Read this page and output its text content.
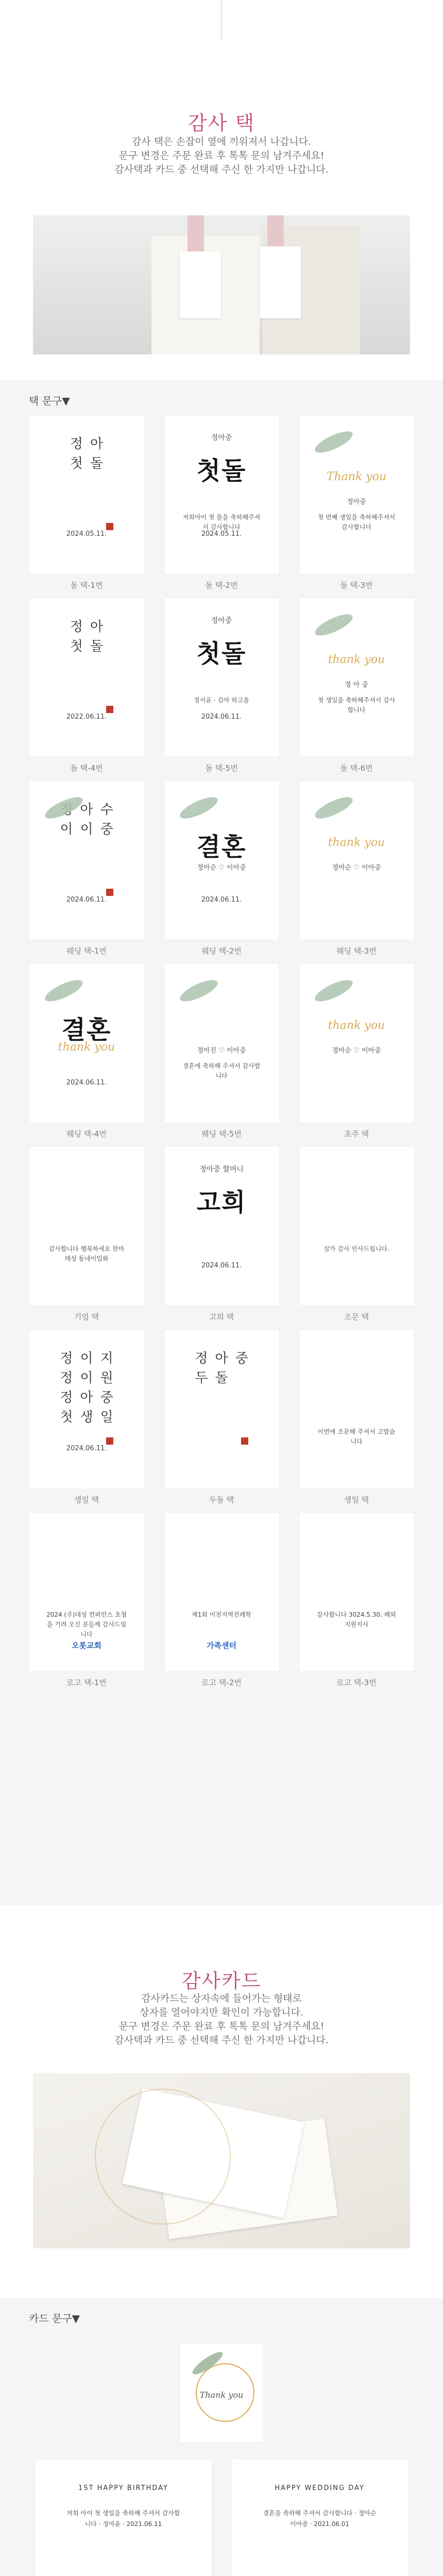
감사 택
감사 택은 손잡이 옆에 끼워져서 나갑니다.
문구 변경은 주문 완료 후 톡톡 문의 남겨주세요!
감사택과 카드 중 선택해 주신 한 가지만 나갑니다.
택 문구▼
정
첫
아
돌
2024.05.11.
돌 택-1번
정아중
첫돌
2024.05.11.
저희아이 첫 돌을 축하해주셔서 감사합니다
돌 택-2번
Thank you
정아중
첫 번째 생일을 축하해주셔서 감사합니다
돌 택-3번
정
첫
아
돌
2022.06.11.
돌 택-4번
정아중
첫돌
2024.06.11.
정서윤 · 김아 하고올
돌 택-5번
thank you
정 아 중
첫 생일을 축하해주셔서 감사합니다
돌 택-6번
이
아
이
수
중
2024.06.11.
웨딩 택-1번
결혼
정아순 ♡ 이아중
2024.06.11.
웨딩 택-2번
thank you
정아순 ♡ 이아중
웨딩 택-3번
결혼
thank you
2024.06.11.
웨딩 택-4번
정아진 ♡ 이아중
결혼에 축하해 주셔서 감사합니다
웨딩 택-5번
thank you
정아순 ♡ 이아중
초주 택
감사합니다 행복하세요 한마레성 동네이입화
기업 택
정아중 할머니
고희
2024.06.11.
고희 택
삼가 감사 인사드립니다.
조문 택
정
정
정
첫
이
이
아
생
지
원
중
일
2024.06.11.
생일 택
정
두
아
돌
중
두돌 택
이번에 조문해 주셔서 고맙습니다
생일 택
2024 (주)대성 컨퍼런스 초청을 기려 오신 분들께 감사드립니다
오롯교회
로고 택-1번
제1회 이천지역전례학
가족센터
로고 택-2번
감사합니다 3024.5.30. 해외지원지사
로고 택-3번
감사카드
감사카드는 상자속에 들어가는 형태로
상자를 열어야지만 확인이 가능합니다.
문구 변경은 주문 완료 후 톡톡 문의 남겨주세요!
감사택과 카드 중 선택해 주신 한 가지만 나갑니다.
카드 문구▼
Thank you
1ST HAPPY BIRTHDAY
저희 아이 첫 생일을 축하해 주셔서 감사합니다 · 정아윤 · 2021.06.11
HAPPY WEDDING DAY
결혼을 축하해 주셔서 감사합니다 · 정아순 이아중 · 2021.06.01
